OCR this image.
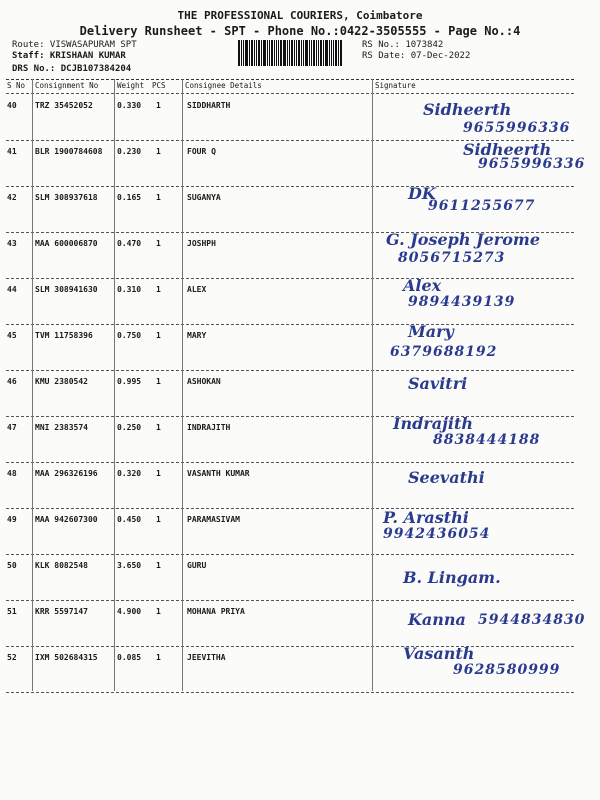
THE PROFESSIONAL COURIERS, Coimbatore
Delivery Runsheet - SPT - Phone No.:0422-3505555 - Page No.:4
Route: VISWASAPURAM SPT
Staff: KRISHAAN KUMAR
DRS No.: DCJB107384204
RS No.: 1073842
RS Date: 07-Dec-2022
S No Consignment No	Weight PCS	Consignee Details	Signature
40 TRZ 35452052	0.330 1	SIDDHARTH	Sidheerth
9655996336
41 BLR 1900784608 0.230 1	FOUR Q	Sidheerth
9655996336
42 SLM 308937618 0.165 1	SUGANYA	DK
9611255677
43 MAA 600006870 0.470 1	JOSHPH	G. Joseph Jerome
8056715273
44 SLM 308941630 0.310 1	ALEX	Alex
9894439139
45 TVM 11758396	0.750 1	MARY	Mary
6379688192
46 KMU 2380542	0.995 1	ASHOKAN	Savitri
47 MNI 2383574	0.250 1	INDRAJITH	Indrajith
8838444188
48 MAA 296326196 0.320 1	VASANTH KUMAR	Seevathi
49 MAA 942607300 0.450 1	PARAMASIVAM	P. Arasthi
9942436054
50 KLK 8082548	3.650 1	GURU
B. Lingam.
51 KRR 5597147	4.900 1	MOHANA PRIYA	Kanna 5944834830
52 IXM 502684315 0.085 1	JEEVITHA	Vasanth
9628580999
